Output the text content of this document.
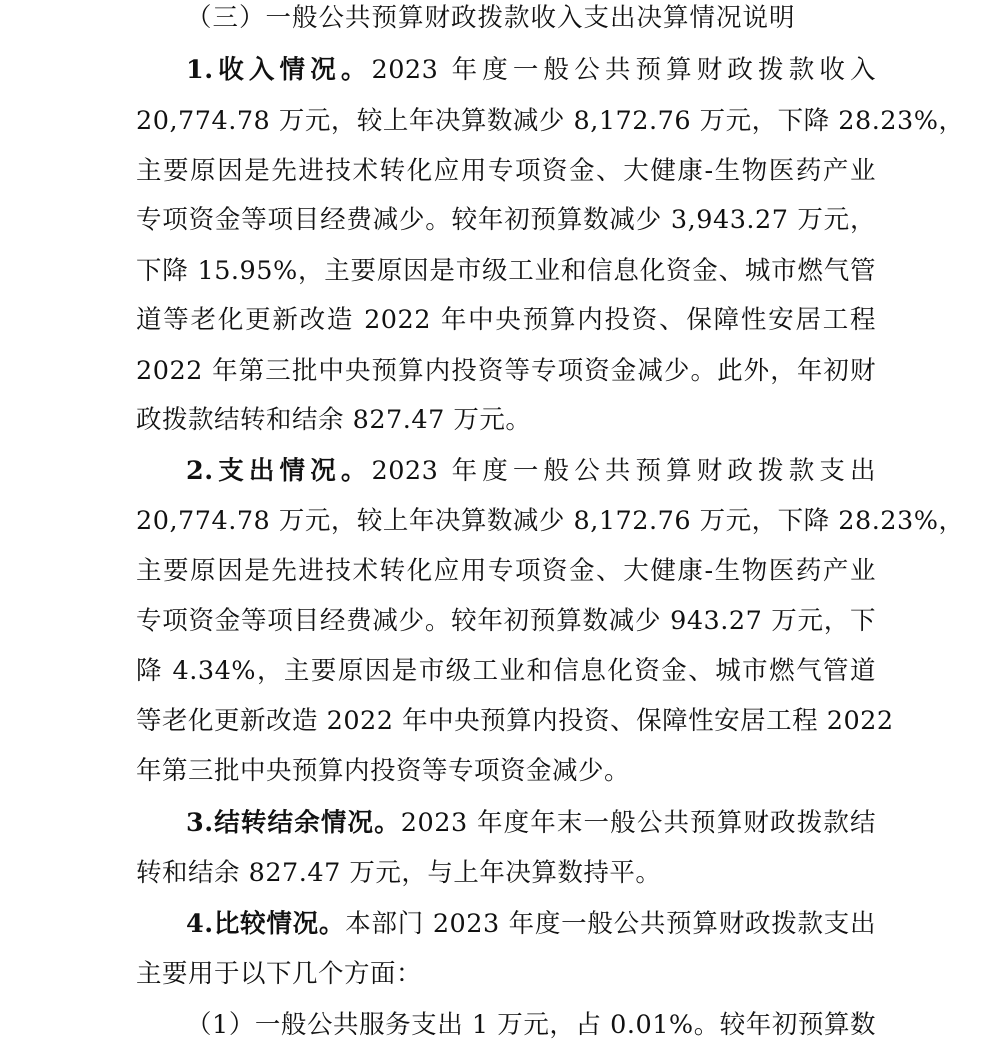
（三）一般公共预算财政拨款收入支出决算情况说明
1.收入情况。2023 年度一般公共预算财政拨款收入
20,774.78 万元，较上年决算数减少 8,172.76 万元，下降 28.23%，
主要原因是先进技术转化应用专项资金、大健康-生物医药产业
专项资金等项目经费减少。较年初预算数减少 3,943.27 万元，
下降 15.95%，主要原因是市级工业和信息化资金、城市燃气管
道等老化更新改造 2022 年中央预算内投资、保障性安居工程
2022 年第三批中央预算内投资等专项资金减少。此外，年初财
政拨款结转和结余 827.47 万元。
2.支出情况。2023 年度一般公共预算财政拨款支出
20,774.78 万元，较上年决算数减少 8,172.76 万元，下降 28.23%，
主要原因是先进技术转化应用专项资金、大健康-生物医药产业
专项资金等项目经费减少。较年初预算数减少 943.27 万元，下
降 4.34%，主要原因是市级工业和信息化资金、城市燃气管道
等老化更新改造 2022 年中央预算内投资、保障性安居工程 2022
年第三批中央预算内投资等专项资金减少。
3.结转结余情况。2023 年度年末一般公共预算财政拨款结
转和结余 827.47 万元，与上年决算数持平。
4.比较情况。本部门 2023 年度一般公共预算财政拨款支出
主要用于以下几个方面：
（1）一般公共服务支出 1 万元，占 0.01%。较年初预算数
